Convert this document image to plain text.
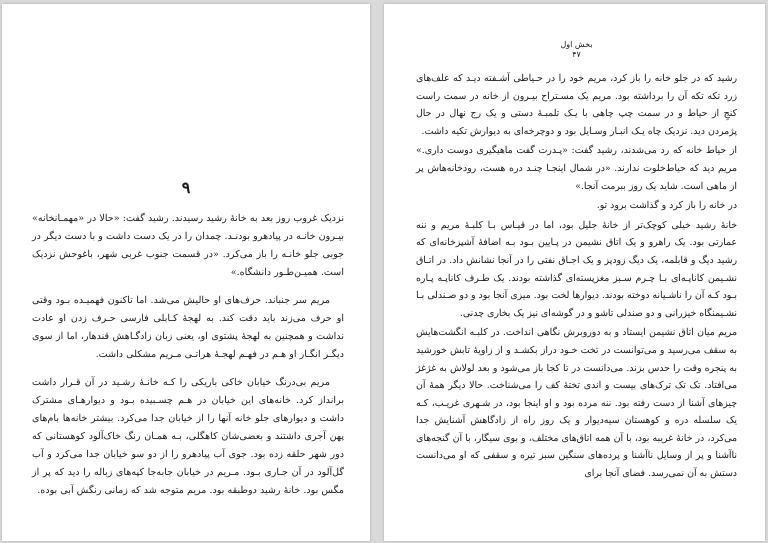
۹

نزدیک غروب روز بعد به خانهٔ رشید رسیدند. رشید گفت: «حالا در «مهمـانخانه» بیـرون خانـه در پیادهرو بودنـد. چمدان را در یک دست داشت و با دست دیگر در جوبی جلو خانـه را باز می‌کرد. «در قسمت جنوب غربی شهر، باغوحش نزدیک است. همیـن‌طـور دانشگاه.»

مریم سر جنباند. حرف‌های او حالیش می‌شد. اما تاکنون فهمیـده بـود وقتی او حرف می‌زند باید دقت کند. به لهجهٔ کـابلی فارسی حـرف زدن او عادت نداشت و همچنین به لهجهٔ پشتوی او، یعنی زبان زادگـاهش قندهار، اما از سوی دیگـر انگـار او هـم در فهـم لهجـهٔ هراتـی مـریم مشکلی داشت.

مریم بی‌درنگ خیابان خاکی باریکی را کـه خانـهٔ رشـید در آن قـرار داشت برانداز کرد. خانه‌های این خیابان در هـم چسـبیده بـود و دیوارهـای مشترک داشت و دیوارهای جلو خانه آنها را از خیابان جدا می‌کرد. بیشتر خانه‌ها بام‌های پهن آجری داشتند و بعضی‌شان کاهگلی، بـه همـان رنگ خاک‌آلود کوهستانی که دور شهر حلقه زده بود. جوی آب پیادهرو را از دو سو خیابان جدا می‌کرد و آب گل‌آلود در آن جـاری بـود. مـریم در خیابان جابه‌جا کپه‌های زباله را دید که پر از مگس بود. خانهٔ رشید دوطبقه بود. مریم متوجه شد که زمانی رنگش آبی بوده.

بخش اول
۴۷

رشید که در جلو خانه را باز کرد، مریم خود را در حـیاطی آشـفته دیـد که علف‌های زرد تکه تکه آن را برداشته بود. مریم یک مسـتراح بیـرون از خانه در سمت راست کنجِ از حیاط و در سمت چپ چاهی با یـک تلمبـهٔ دستی و یک رج نهال در حال پژمردن دید. نزدیک چاه یـک انبـار وسـایل بود و دوچرخه‌ای به دیوارش تکیه داشت.

از حیاط خانه که رد می‌شدند، رشید گفت: «پـدرت گفت ماهیگیری دوست داری.» مریم دید که حیاط‌خلوت ندارند. «در شمال اینجـا چنـد دره هست، رودخانه‌هاش پر از ماهی است. شاید یک روز ببرمت آنجا.»

در خانه را باز کرد و گذاشت برود تو.

خانهٔ رشید خیلی کوچک‌تر از خانهٔ جلیل بود، اما در قیـاس بـا کلبـهٔ مریم و ننه عمارتی بود. یک راهرو و یک اتاق نشیمن در پـایین بـود بـه اضافهٔ آشپزخانه‌ای که رشید دیگ و قابلمه، یک دیگ زودپز و یک اجـاق نفتی را در آنجا نشانش داد. در اتـاق نشـیمن کاناپـه‌ای بـا چـرم سـبز مغزپسته‌ای گذاشته بودند. یک طـرف کاناپـه پـاره بـود کـه آن را ناشـیانه دوخته بودند. دیوارها لخت بود. میزی آنجا بود و دو صـندلی بـا نشـیمنگاه خیزرانی و دو صندلی تاشو و در گوشه‌ای نیز یک بخاری چدنی.

مریم میان اتاق نشیمن ایستاد و به دوروبرش نگاهی انداخت. در کلبـه انگشت‌هایش به سقف می‌رسید و می‌توانست در تخت خـود دراز بکشـد و از زاویهٔ تابش خورشید به پنجره وقت را حدس بزند. می‌دانست در تا کجا باز می‌شود و بعد لولاش به غژغژ می‌افتاد. تک تک ترک‌های بیست و اندی تختهٔ کف را می‌شناخت. حالا دیگر همهٔ آن چیزهای آشنا از دست رفته بود. ننه مرده بود و او اینجا بود، در شـهری غریـب، کـه یک سلسله دره و کوهستان سیه‌دیوار و یک روز راه از زادگاهش آشنایش جدا می‌کرد، در خانهٔ غریبه بود، با آن همه اتاق‌های مختلف، و بوی سیگار، با آن گنجه‌های ناآشنا و پر از وسایل ناآشنا و پرده‌های سنگین سبز تیره و سقفی که او می‌دانست دستش به آن نمی‌رسد. فضای آنجا برای
